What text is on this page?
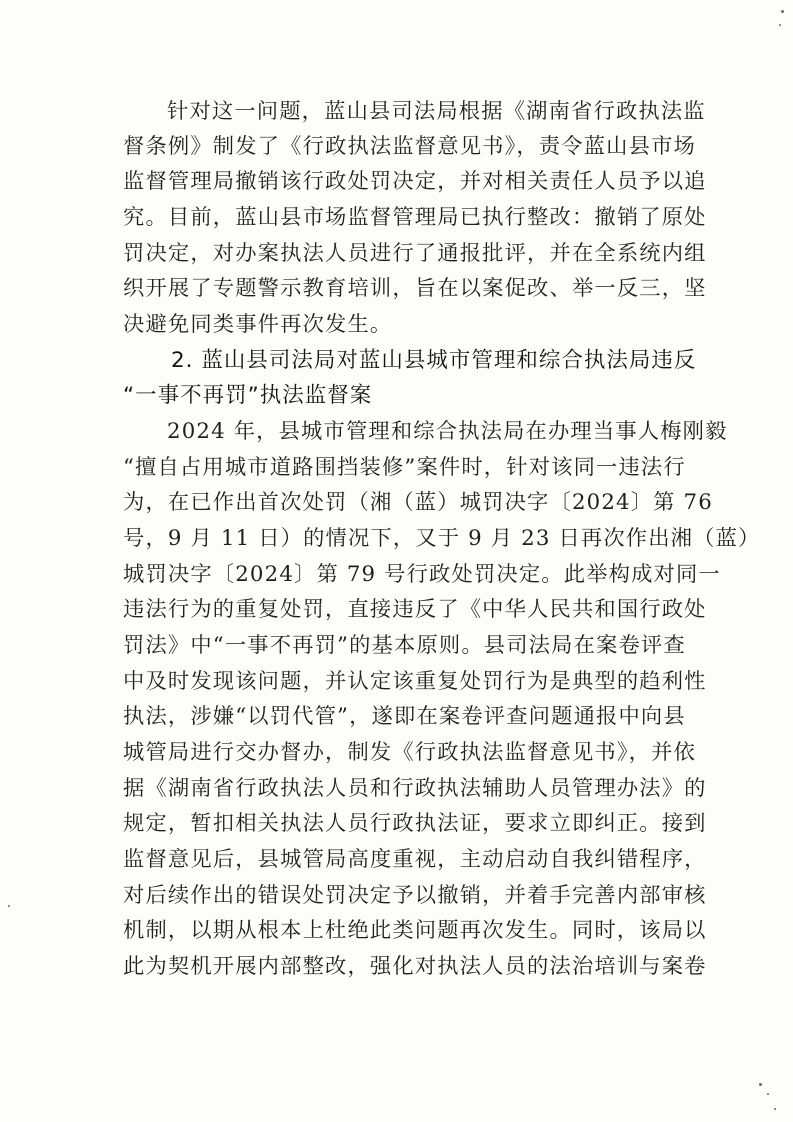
针对这一问题，蓝山县司法局根据《湖南省行政执法监
督条例》制发了《行政执法监督意见书》，责令蓝山县市场
监督管理局撤销该行政处罚决定，并对相关责任人员予以追
究。目前，蓝山县市场监督管理局已执行整改：撤销了原处
罚决定，对办案执法人员进行了通报批评，并在全系统内组
织开展了专题警示教育培训，旨在以案促改、举一反三，坚
决避免同类事件再次发生。
2. 蓝山县司法局对蓝山县城市管理和综合执法局违反
“一事不再罚”执法监督案
2024 年，县城市管理和综合执法局在办理当事人梅刚毅
“擅自占用城市道路围挡装修”案件时，针对该同一违法行
为，在已作出首次处罚（湘（蓝）城罚决字〔2024〕第 76
号，9 月 11 日）的情况下，又于 9 月 23 日再次作出湘（蓝）
城罚决字〔2024〕第 79 号行政处罚决定。此举构成对同一
违法行为的重复处罚，直接违反了《中华人民共和国行政处
罚法》中“一事不再罚”的基本原则。县司法局在案卷评查
中及时发现该问题，并认定该重复处罚行为是典型的趋利性
执法，涉嫌“以罚代管”，遂即在案卷评查问题通报中向县
城管局进行交办督办，制发《行政执法监督意见书》，并依
据《湖南省行政执法人员和行政执法辅助人员管理办法》的
规定，暂扣相关执法人员行政执法证，要求立即纠正。接到
监督意见后，县城管局高度重视，主动启动自我纠错程序，
对后续作出的错误处罚决定予以撤销，并着手完善内部审核
机制，以期从根本上杜绝此类问题再次发生。同时，该局以
此为契机开展内部整改，强化对执法人员的法治培训与案卷
